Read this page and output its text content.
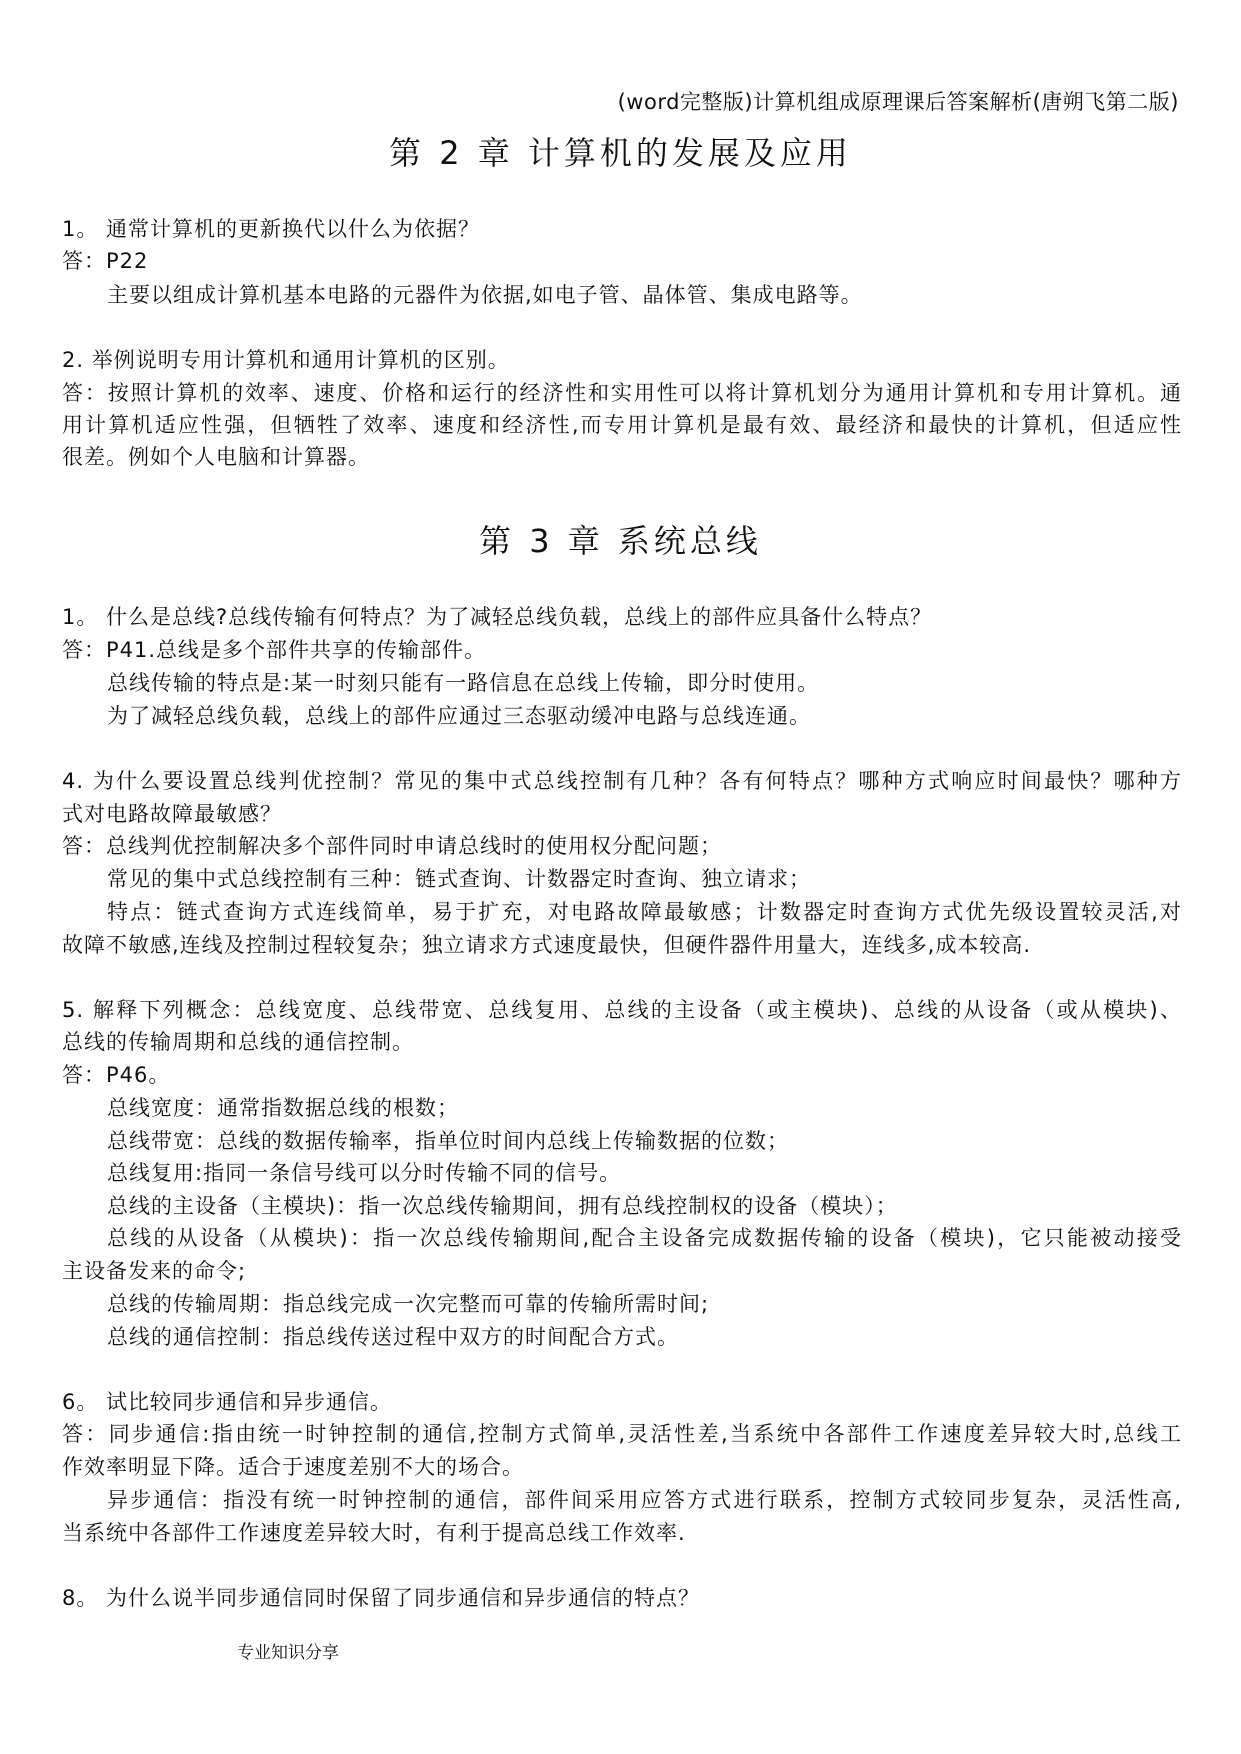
(word完整版)计算机组成原理课后答案解析(唐朔飞第二版)
第 2 章 计算机的发展及应用
1。 通常计算机的更新换代以什么为依据？
答：P22
主要以组成计算机基本电路的元器件为依据,如电子管、晶体管、集成电路等。
2. 举例说明专用计算机和通用计算机的区别。
答：按照计算机的效率、速度、价格和运行的经济性和实用性可以将计算机划分为通用计算机和专用计算机。通
用计算机适应性强，但牺牲了效率、速度和经济性,而专用计算机是最有效、最经济和最快的计算机，但适应性
很差。例如个人电脑和计算器。
第 3 章 系统总线
1。 什么是总线?总线传输有何特点？为了减轻总线负载，总线上的部件应具备什么特点？
答：P41.总线是多个部件共享的传输部件。
总线传输的特点是:某一时刻只能有一路信息在总线上传输，即分时使用。
为了减轻总线负载，总线上的部件应通过三态驱动缓冲电路与总线连通。
4. 为什么要设置总线判优控制？常见的集中式总线控制有几种？各有何特点？哪种方式响应时间最快？哪种方
式对电路故障最敏感？
答：总线判优控制解决多个部件同时申请总线时的使用权分配问题；
常见的集中式总线控制有三种：链式查询、计数器定时查询、独立请求；
特点：链式查询方式连线简单，易于扩充，对电路故障最敏感；计数器定时查询方式优先级设置较灵活,对
故障不敏感,连线及控制过程较复杂；独立请求方式速度最快，但硬件器件用量大，连线多,成本较高.
5. 解释下列概念：总线宽度、总线带宽、总线复用、总线的主设备（或主模块)、总线的从设备（或从模块)、
总线的传输周期和总线的通信控制。
答：P46。
总线宽度：通常指数据总线的根数；
总线带宽：总线的数据传输率，指单位时间内总线上传输数据的位数；
总线复用:指同一条信号线可以分时传输不同的信号。
总线的主设备（主模块)：指一次总线传输期间，拥有总线控制权的设备（模块）；
总线的从设备（从模块)：指一次总线传输期间,配合主设备完成数据传输的设备（模块)，它只能被动接受
主设备发来的命令;
总线的传输周期：指总线完成一次完整而可靠的传输所需时间;
总线的通信控制：指总线传送过程中双方的时间配合方式。
6。 试比较同步通信和异步通信。
答：同步通信:指由统一时钟控制的通信,控制方式简单,灵活性差,当系统中各部件工作速度差异较大时,总线工
作效率明显下降。适合于速度差别不大的场合。
异步通信：指没有统一时钟控制的通信，部件间采用应答方式进行联系，控制方式较同步复杂，灵活性高,
当系统中各部件工作速度差异较大时，有利于提高总线工作效率.
8。 为什么说半同步通信同时保留了同步通信和异步通信的特点？
专业知识分享
